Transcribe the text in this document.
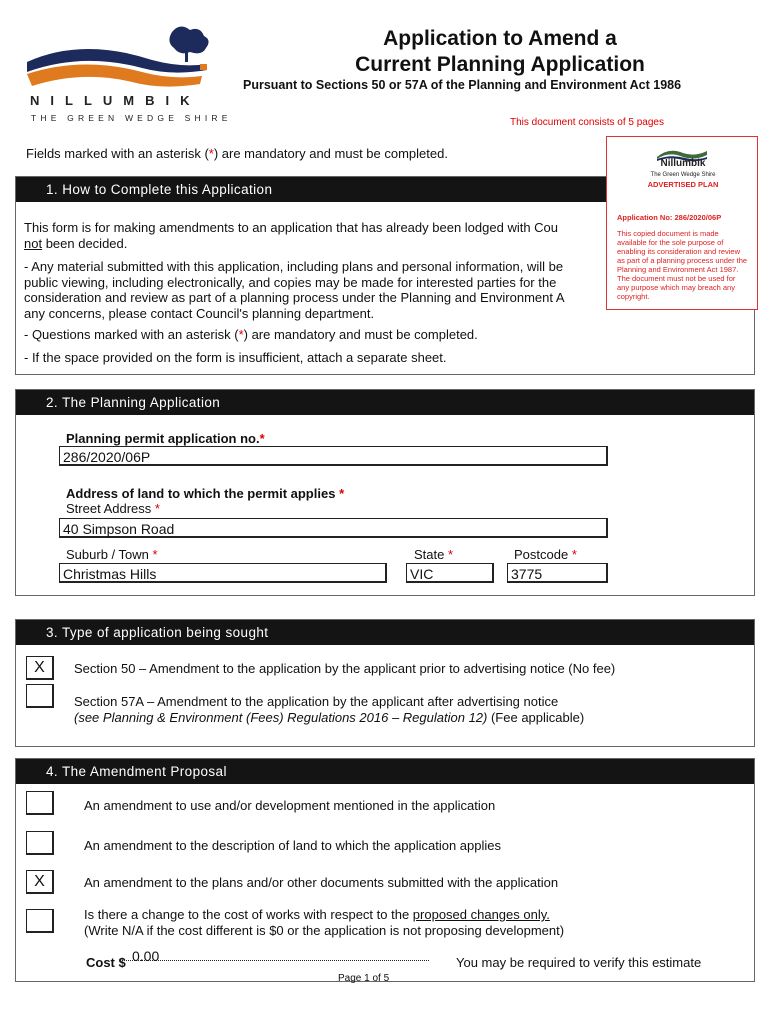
NILLUMBIK
THE GREEN WEDGE SHIRE
Application to Amend a
Current Planning Application
Pursuant to Sections 50 or 57A of the Planning and Environment Act 1986
This document consists of 5 pages
Fields marked with an asterisk (*) are mandatory and must be completed.
1. How to Complete this Application
This form is for making amendments to an application that has already been lodged with Cou
not been decided.
- Any material submitted with this application, including plans and personal information, will be
public viewing, including electronically, and copies may be made for interested parties for the
consideration and review as part of a planning process under the Planning and Environment A
any concerns, please contact Council's planning department.
- Questions marked with an asterisk (*) are mandatory and must be completed.
- If the space provided on the form is insufficient, attach a separate sheet.
2. The Planning Application
Planning permit application no.*
286/2020/06P
Address of land to which the permit applies *
Street Address *
40 Simpson Road
Suburb / Town *
Christmas Hills
State *
VIC
Postcode *
3775
3. Type of application being sought
X	Section 50 – Amendment to the application by the applicant prior to advertising notice (No fee)
Section 57A – Amendment to the application by the applicant after advertising notice
(see Planning & Environment (Fees) Regulations 2016 – Regulation 12) (Fee applicable)
4. The Amendment Proposal
An amendment to use and/or development mentioned in the application
An amendment to the description of land to which the application applies
X	An amendment to the plans and/or other documents submitted with the application
Is there a change to the cost of works with respect to the proposed changes only.
(Write N/A if the cost different is $0 or the application is not proposing development)
Cost $ 0.00	You may be required to verify this estimate
Nillumbik
The Green Wedge Shire
ADVERTISED PLAN
Application No: 286/2020/06P
This copied document is made available for the sole purpose of enabling its consideration and review as part of a planning process under the Planning and Environment Act 1987. The document must not be used for any purpose which may breach any copyright.
Page 1 of 5
